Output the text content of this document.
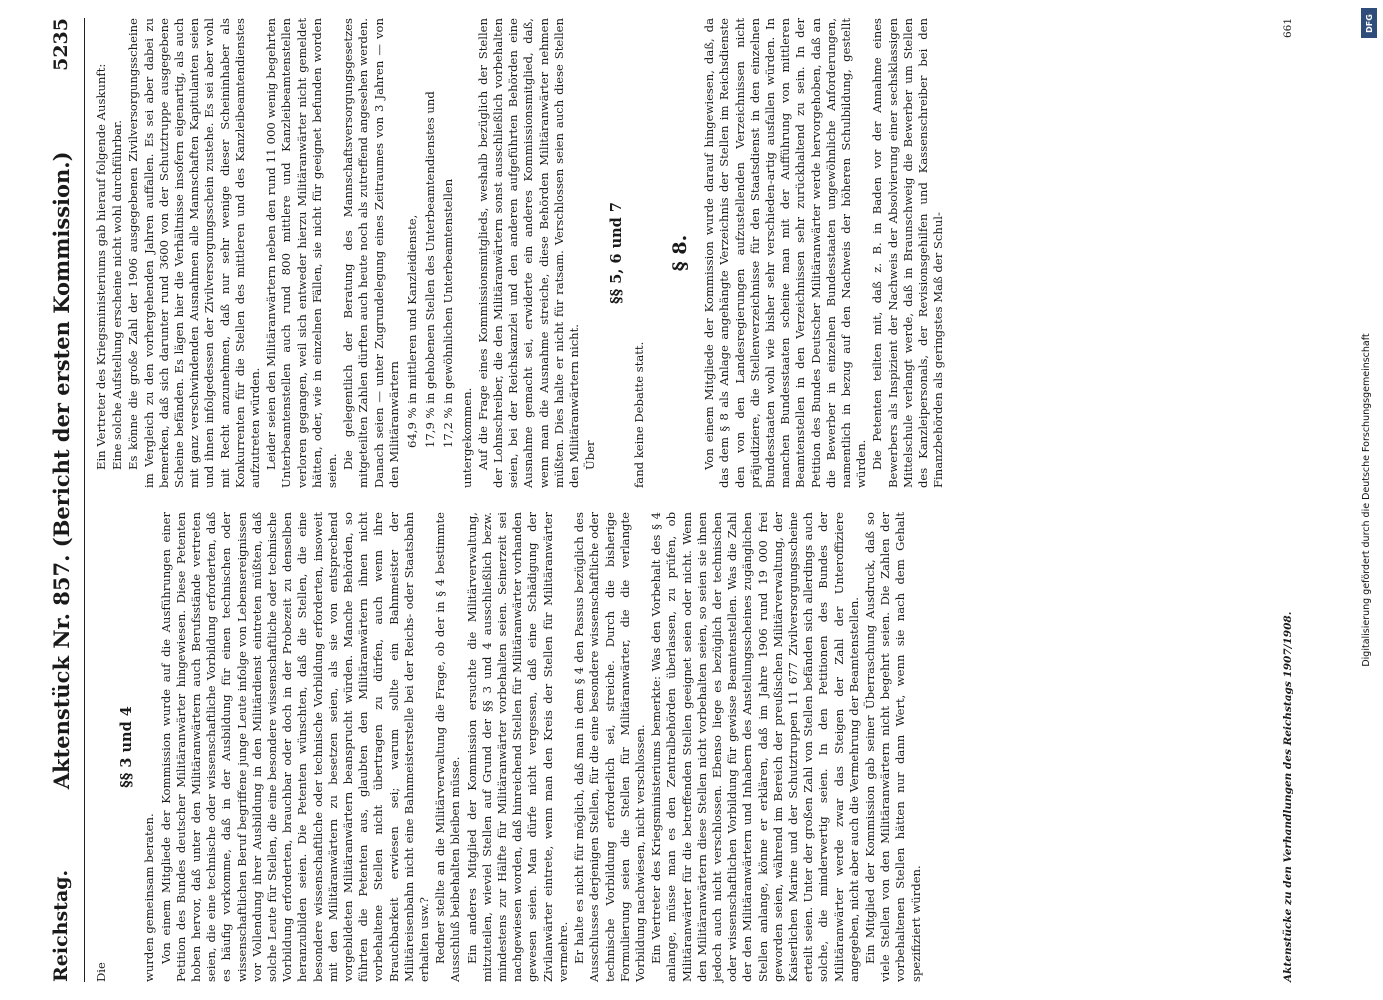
Reichstag.
Aktenstück Nr. 857. (Bericht der ersten Kommission.)
5235

Die

§§ 3 und 4

wurden gemeinsam beraten. Von einem Mitgliede der Kommission wurde auf die Ausführungen einer Petition des Bundes deutscher Militäranwärter hingewiesen. Diese Petenten hoben hervor, daß unter den Militäranwärtern auch Berufsstände vertreten seien, die eine technische oder wissenschaftliche Vorbildung erforderten, daß es häufig vorkomme, daß in der Ausbildung für einen technischen oder wissenschaftlichen Beruf begriffene junge Leute infolge von Lebensereignissen vor Vollendung ihrer Ausbildung in den Militärdienst eintreten müßten, daß solche Leute für Stellen, die eine besondere wissenschaftliche oder technische Vorbildung erforderten, brauchbar oder doch in der Probezeit zu denselben heranzubilden seien. Die Petenten wünschten, daß die Stellen, die eine besondere wissenschaftliche oder technische Vorbildung erforderten, insoweit mit den Militäranwärtern zu besetzen seien, als sie von entsprechend vorgebildeten Militäranwärtern beansprucht würden. Manche Behörden, so führten die Petenten aus, glaubten den Militäranwärtern ihnen nicht vorbehaltene Stellen nicht übertragen zu dürfen, auch wenn ihre Brauchbarkeit erwiesen sei; warum sollte ein Bahnmeister der Militäreisenbahn nicht eine Bahnmeisterstelle bei der Reichs- oder Staatsbahn erhalten usw.? Redner stellte an die Militärverwaltung die Frage, ob der in § 4 bestimmte Ausschluß beibehalten bleiben müsse. Ein anderes Mitglied der Kommission ersuchte die Militärverwaltung, mitzuteilen, wieviel Stellen auf Grund der §§ 3 und 4 ausschließlich bezw. mindestens zur Hälfte für Militäranwärter vorbehalten seien. Seinerzeit sei nachgewiesen worden, daß hinreichend Stellen für Militäranwärter vorhanden gewesen seien. Man dürfe nicht vergessen, daß eine Schädigung der Zivilanwärter eintrete, wenn man den Kreis der Stellen für Militäranwärter vermehre. Er halte es nicht für möglich, daß man in dem § 4 den Passus bezüglich des Ausschlusses derjenigen Stellen, für die eine besondere wissenschaftliche oder technische Vorbildung erforderlich sei, streiche. Durch die bisherige Formulierung seien die Stellen für Militäranwärter, die die verlangte Vorbildung nachwiesen, nicht verschlossen. Ein Vertreter des Kriegsministeriums bemerkte: Was den Vorbehalt des § 4 anlange, müsse man es den Zentralbehörden überlassen, zu prüfen, ob Militäranwärter für die betreffenden Stellen geeignet seien oder nicht. Wenn den Militäranwärtern diese Stellen nicht vorbehalten seien, so seien sie ihnen jedoch auch nicht verschlossen. Ebenso liege es bezüglich der technischen oder wissenschaftlichen Vorbildung für gewisse Beamtenstellen. Was die Zahl der den Militäranwärtern und Inhabern des Anstellungsscheines zugänglichen Stellen anlange, könne er erklären, daß im Jahre 1906 rund 19 000 frei geworden seien, während im Bereich der preußischen Militärverwaltung, der Kaiserlichen Marine und der Schutztruppen 11 677 Zivilversorgungsscheine erteilt seien. Unter der großen Zahl von Stellen befänden sich allerdings auch solche, die minderwertig seien. In den Petitionen des Bundes der Militäranwärter werde zwar das Steigen der Zahl der Unteroffiziere angegeben, nicht aber auch die Vermehrung der Beamtenstellen. Ein Mitglied der Kommission gab seiner Überraschung Ausdruck, daß so viele Stellen von den Militäranwärtern nicht begehrt seien. Die Zahlen der vorbehaltenen Stellen hätten nur dann Wert, wenn sie nach dem Gehalt spezifiziert würden.

Ein Vertreter des Kriegsministeriums gab hierauf folgende Auskunft: Eine solche Aufstellung erscheine nicht wohl durchführbar. Es könne die große Zahl der 1906 ausgegebenen Zivilversorgungsscheine im Vergleich zu den vorhergehenden Jahren auffallen. Es sei aber dabei zu bemerken, daß sich darunter rund 3600 von der Schutztruppe ausgegebene Scheine befänden. Es lägen hier die Verhältnisse insofern eigenartig, als auch mit ganz verschwindenden Ausnahmen alle Mannschaften Kapitulanten seien und ihnen infolgedessen der Zivilversorgungsschein zustehe. Es sei aber wohl mit Recht anzunehmen, daß nur sehr wenige dieser Scheininhaber als Konkurrenten für die Stellen des mittleren und des Kanzleibeamtendienstes aufzutreten würden. Leider seien den Militäranwärtern neben den rund 11 000 wenig begehrten Unterbeamtenstellen auch rund 800 mittlere und Kanzleibeamtenstellen verloren gegangen, weil sich entweder hierzu Militäranwärter nicht gemeldet hätten, oder, wie in einzelnen Fällen, sie nicht für geeignet befunden worden seien.

Die gelegentlich der Beratung des Mannschaftsversorgungsgesetzes mitgeteilten Zahlen dürften auch heute noch als zutreffend angesehen werden. Danach seien — unter Zugrundelegung eines Zeitraumes von 3 Jahren — von den Militäranwärtern 64,9 % in mittleren und Kanzleidienste, 17,9 % in gehobenen Stellen des Unterbeamtendienstes und 17,2 % in gewöhnlichen Unterbeamtenstellen untergekommen. Auf die Frage eines Kommissionsmitglieds, weshalb bezüglich der Stellen der Lohnschreiber, die den Militäranwärtern sonst ausschließlich vorbehalten seien, bei der Reichskanzlei und den anderen aufgeführten Behörden eine Ausnahme gemacht sei, erwiderte ein anderes Kommissionsmitglied, daß, wenn man die Ausnahme streiche, diese Behörden Militäranwärter nehmen müßten. Dies halte er nicht für ratsam. Verschlossen seien auch diese Stellen den Militäranwärtern nicht. Über

§§ 5, 6 und 7

fand keine Debatte statt.

§ 8. Von einem Mitgliede der Kommission wurde darauf hingewiesen, daß, da das dem § 8 als Anlage angehängte Verzeichnis der Stellen im Reichsdienste den von den Landesregierungen aufzustellenden Verzeichnissen nicht präjudiziere, die Stellenverzeichnisse für den Staatsdienst in den einzelnen Bundesstaaten wohl wie bisher sehr verschieden-artig ausfallen würden. In manchen Bundesstaaten scheine man mit der Aufführung von mittleren Beamtenstellen in den Verzeichnissen sehr zurückhaltend zu sein. In der Petition des Bundes Deutscher Militäranwärter werde hervorgehoben, daß an die Bewerber in einzelnen Bundesstaaten ungewöhnliche Anforderungen, namentlich in bezug auf den Nachweis der höheren Schulbildung, gestellt würden. Die Petenten teilten mit, daß z. B. in Baden vor der Annahme eines Bewerbers als Inspizient der Nachweis der Absolvierung einer sechsklassigen Mittelschule verlangt werde, daß in Braunschweig die Bewerber um Stellen des Kanzleipersonals, der Revisionsgehilfen und Kassenschreiber bei den Finanzbehörden als geringstes Maß der Schul-

Aktenstücke zu den Verhandlungen des Reichstags 1907/1908.
661	DFG
Digitalisierung gefördert durch die Deutsche Forschungsgemeinschaft
